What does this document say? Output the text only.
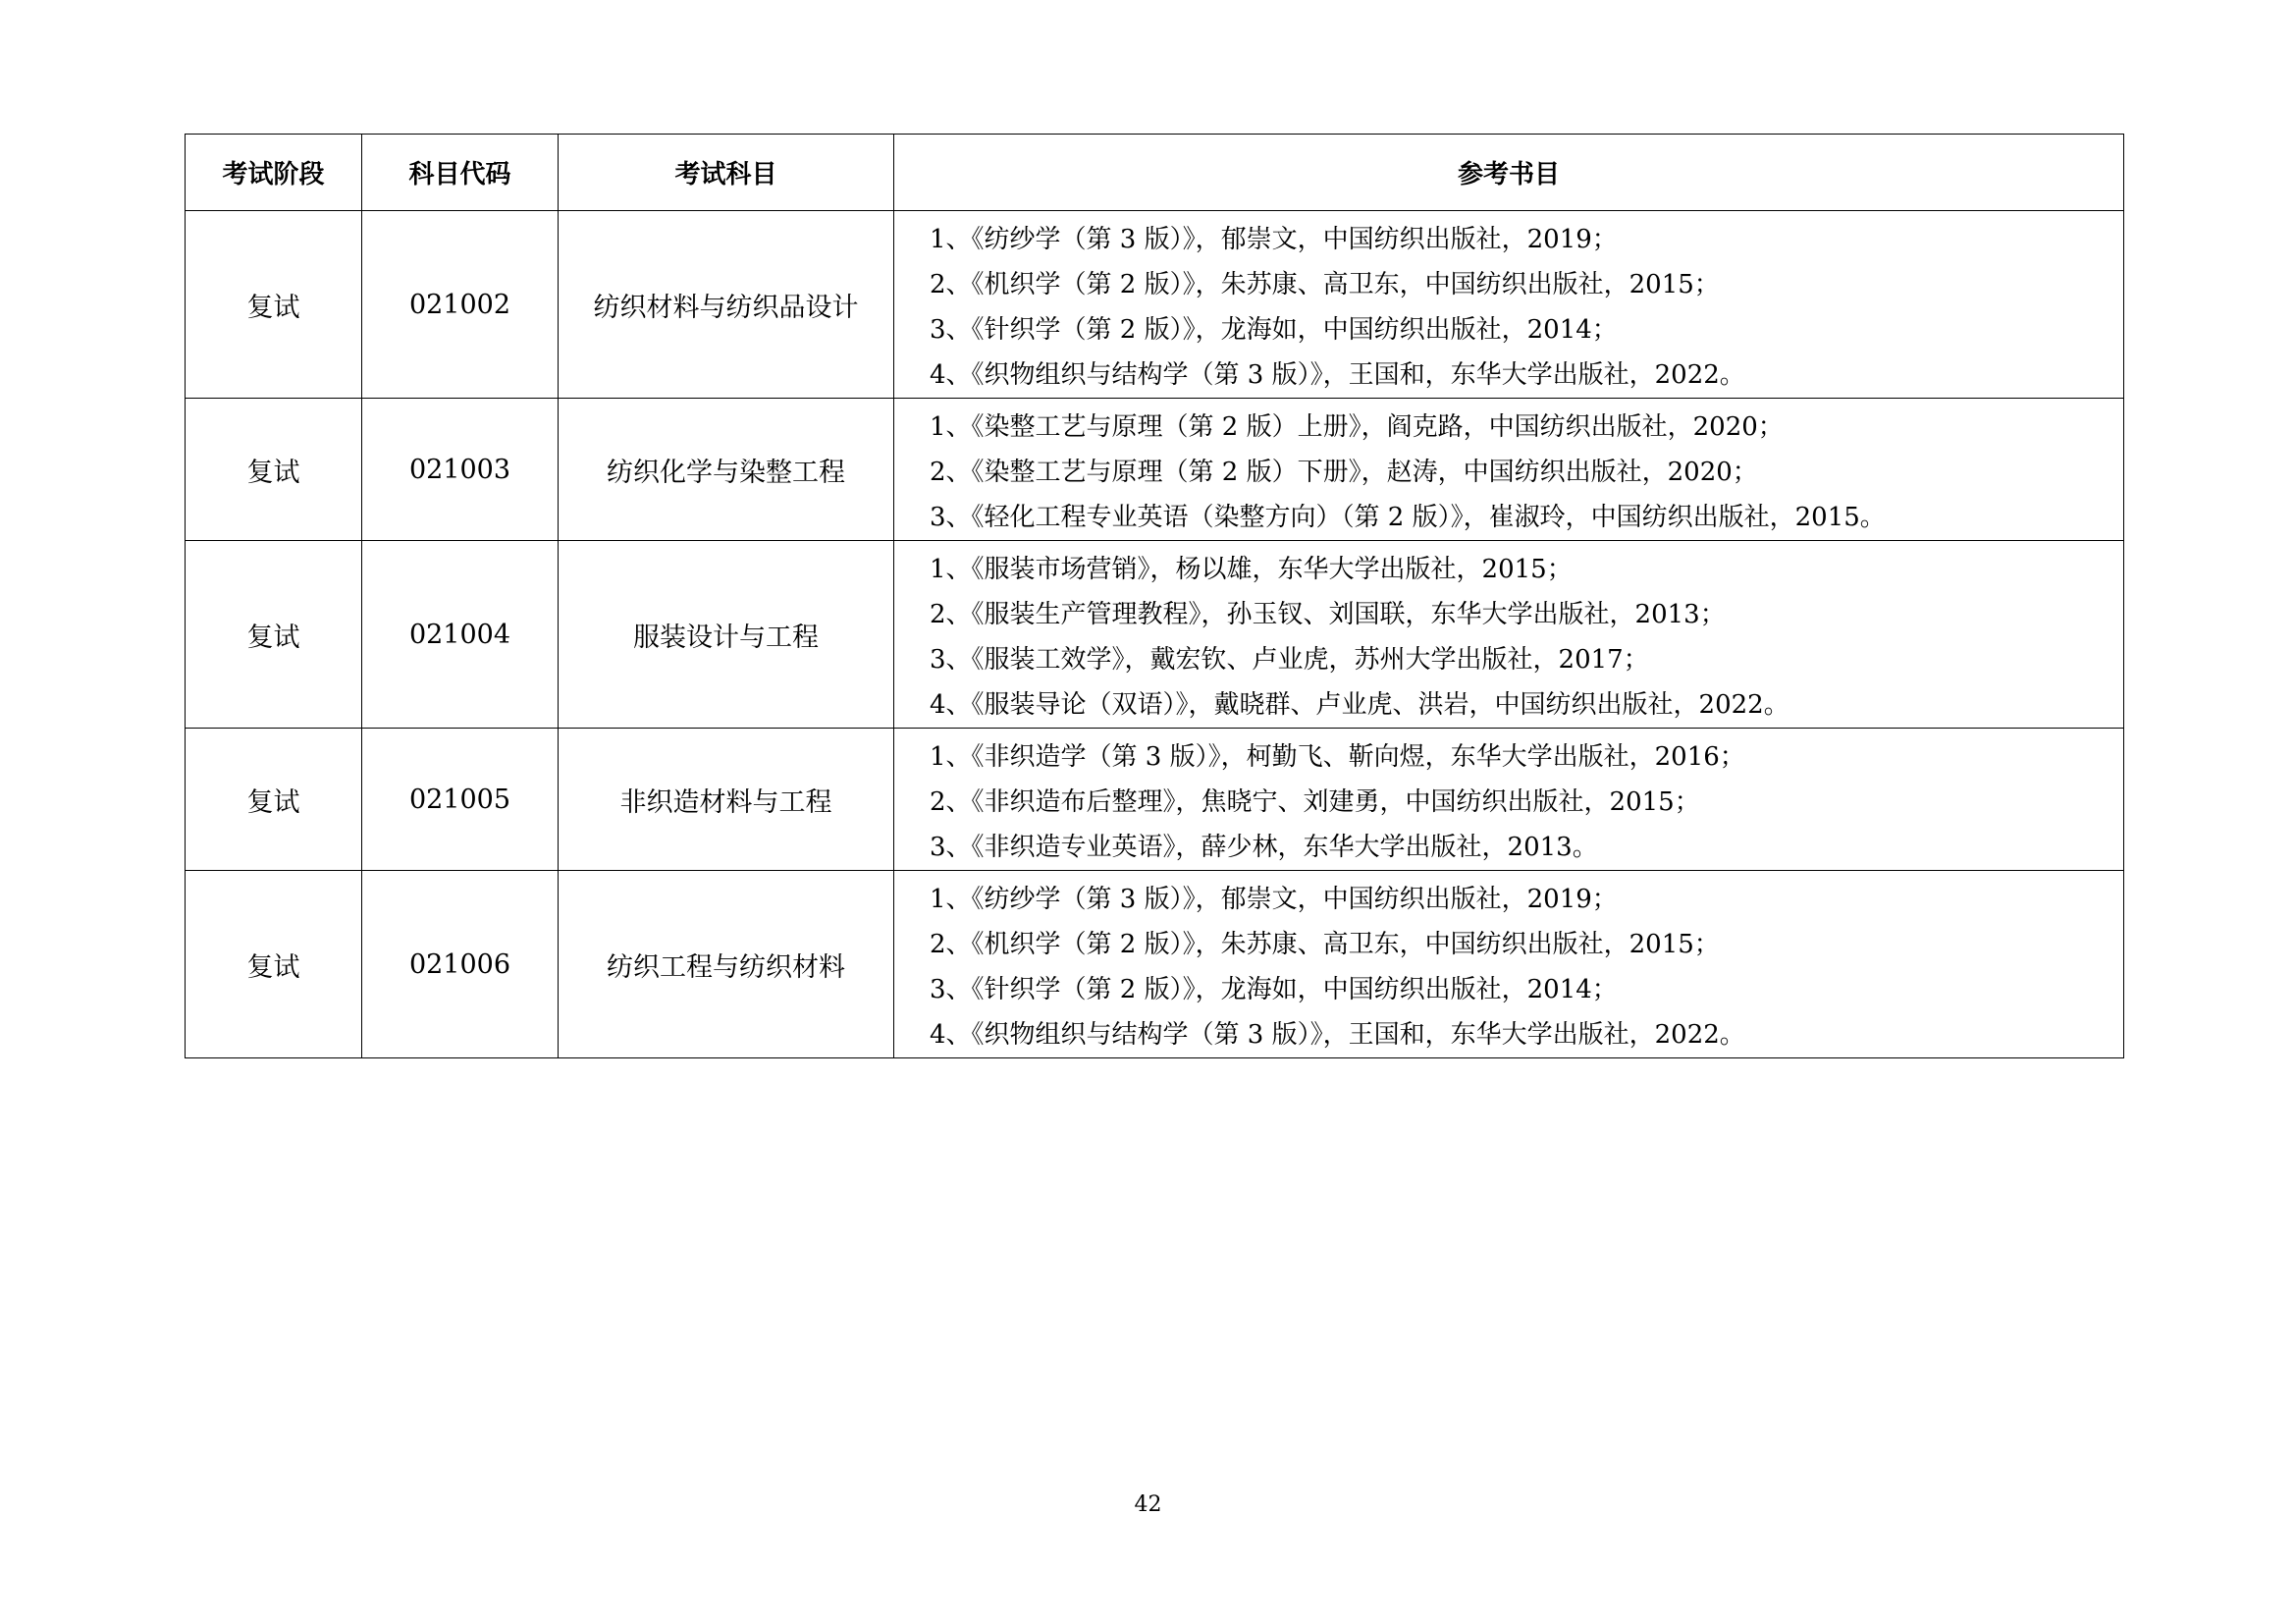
考试阶段	科目代码	考试科目	参考书目
复试	021002	纺织材料与纺织品设计	1、《纺纱学（第 3 版）》，郁崇文，中国纺织出版社，2019；
2、《机织学（第 2 版）》，朱苏康、高卫东，中国纺织出版社，2015；
3、《针织学（第 2 版）》，龙海如，中国纺织出版社，2014；
4、《织物组织与结构学（第 3 版）》，王国和，东华大学出版社，2022。

复试	021003	纺织化学与染整工程	1、《染整工艺与原理（第 2 版）上册》，阎克路，中国纺织出版社，2020；
2、《染整工艺与原理（第 2 版）下册》，赵涛，中国纺织出版社，2020；
3、《轻化工程专业英语（染整方向）（第 2 版）》，崔淑玲，中国纺织出版社，2015。

复试	021004	服装设计与工程	1、《服装市场营销》，杨以雄，东华大学出版社，2015；
2、《服装生产管理教程》，孙玉钗、刘国联，东华大学出版社，2013；
3、《服装工效学》，戴宏钦、卢业虎，苏州大学出版社，2017；
4、《服装导论（双语）》，戴晓群、卢业虎、洪岩，中国纺织出版社，2022。

复试	021005	非织造材料与工程	1、《非织造学（第 3 版）》，柯勤飞、靳向煜，东华大学出版社，2016；
2、《非织造布后整理》，焦晓宁、刘建勇，中国纺织出版社，2015；
3、《非织造专业英语》，薛少林，东华大学出版社，2013。

复试	021006	纺织工程与纺织材料	1、《纺纱学（第 3 版）》，郁崇文，中国纺织出版社，2019；
2、《机织学（第 2 版）》，朱苏康、高卫东，中国纺织出版社，2015；
3、《针织学（第 2 版）》，龙海如，中国纺织出版社，2014；
4、《织物组织与结构学（第 3 版）》，王国和，东华大学出版社，2022。
42
